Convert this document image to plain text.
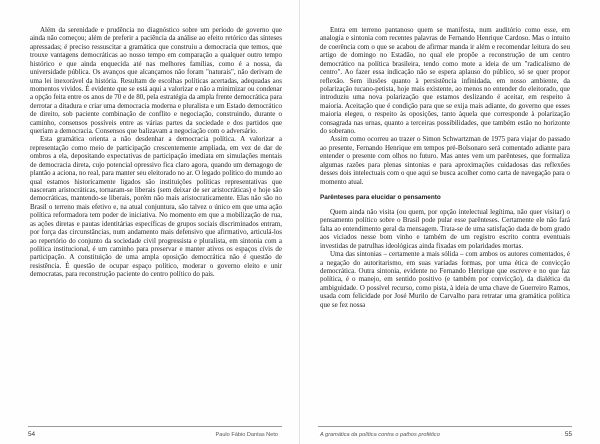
Além da serenidade e prudência no diagnóstico sobre um período de governo que ainda não começou; além de preferir a paciência da análise ao efeito retórico das sínteses apressadas; é preciso ressuscitar a gramática que construiu a democracia que temos, que trouxe vantagens democráticas ao nosso tempo em comparação a qualquer outro tempo histórico e que ainda enquecida até nas melhores famílias, como é a nossa, da universidade pública. Os avanços que alcançamos não foram "naturais", não derivam de uma lei inexorável da história. Resultam de escolhas políticas acertadas, adequadas aos momentos vividos. É evidente que se está aqui a valorizar e não a minimizar ou condenar a opção feita entre os anos de 70 e de 80, pela estratégia da ampla frente democrática para derrotar a ditadura e criar uma democracia moderna e pluralista e um Estado democrático de direito, sob paciente combinação de conflito e negociação, construindo, durante o caminho, consensos possíveis entre as várias partes da sociedade e dos partidos que queriam a democracia. Consensos que balizavam a negociação com o adversário.

Esta gramática orienta a não desdenhar a democracia política. A valorizar a representação como meio de participação crescentemente ampliada, em vez de dar de ombros a ela, depositando expectativas de participação imediata em simulações mentais de democracia direta, cujo potencial opressivo fica claro agora, quando um demagogo de plantão a aciona, no real, para manter seu eleitorado no ar. O legado político do mundo ao qual estamos historicamente ligados são instituições políticas representativas que nasceram aristocráticas, tornaram-se liberais (sem deixar de ser aristocráticas) e hoje são democráticas, mantendo-se liberais, porém não mais aristocraticamente. Elas não são no Brasil o terreno mais efetivo e, na atual conjuntura, são talvez o único em que uma ação política reformadora tem poder de iniciativa. No momento em que a mobilização de rua, as ações diretas e pautas identitárias específicas de grupos sociais discriminados entram, por força das circunstâncias, num andamento mais defensivo que afirmativo, articulá-los ao repertório do conjunto da sociedade civil progressista e pluralista, em sintonia com a política institucional, é um caminho para preservar e manter ativos os espaços cívis de participação. A constituição de uma ampla oposição democrática não é questão de resistência. É questão de ocupar espaço político, moderar o governo eleito e unir democratas, para reconstrução paciente do centro político do país.

54	Paulo Fábio Dantas Neto

Entra em terreno pantanoso quem se manifesta, num auditório como esse, em analogia e sintonia com recentes palavras de Fernando Henrique Cardoso. Mas o intuito de coerência com o que se acabou de afirmar manda ir além e recomendar leitura do seu artigo de domingo no Estadão, no qual ele propõe a reconstrução de um centro democrático na política brasileira, tendo como mote a ideia de um "radicalismo de centro". Ao fazer essa indicação não se espera aplauso do público, só se quer propor reflexão. Sem ilusões quanto à persistência infinidada, em nosso ambiente, da polarização tucano-petista, hoje mais existente, ao menos no entender do eleitorado, que introduziu uma nova polarização que estamos deslizando é aceitar, em respeito à maioria. Aceitação que é condição para que se exija mais adiante, do governo que esses maioria elegeu, o respeito às oposições, tanto àquela que corresponde à polarização consagrada nas urnas, quanto a terceiras possibilidades, que também estão no horizonte do soberano.

Assim como ocorreu ao trazer o Simon Schwartzman de 1975 para viajar do passado ao presente, Fernando Henrique em tempos pré-Bolsonaro será comentado adiante para entender o presente com olhos no futuro. Mas antes vem um parênteses, que formaliza algumas razões para plenas sintonias e para aproximações cuidadosas das reflexões desses dois intelectuais com o que aqui se busca acolher como carta de navegação para o momento atual.

Parênteses para elucidar o pensamento

Quem ainda não visita (ou quem, por opção intelectual legítima, não quer visitar) o pensamento político sobre o Brasil pode pular esse parênteses. Certamente ele não fará falta ao entendimento geral da mensagem. Trata-se de uma satisfação dada de bom grado aos viciados nesse bom vinho e também de um registro escrito contra eventuais investidas de patrulhas ideológicas ainda fixadas em polaridades mortas.

Uma das sintonias – certamente a mais sólida – com ambos os autores comentados, é a negação do autoritarismo, em suas variadas formas, por uma ética de convicção democrática. Outra sintonia, evidente no Fernando Henrique que escreve e no que faz política, é o manejo, em sentido positivo (e também por convicção), da dialética da ambiguidade. O possível recurso, como pista, à ideia de uma chave de Guerreiro Ramos, usada com felicidade por José Murilo de Carvalho para retratar uma gramática política que se fez nossa

A gramática da política contra o pathos profético	55
